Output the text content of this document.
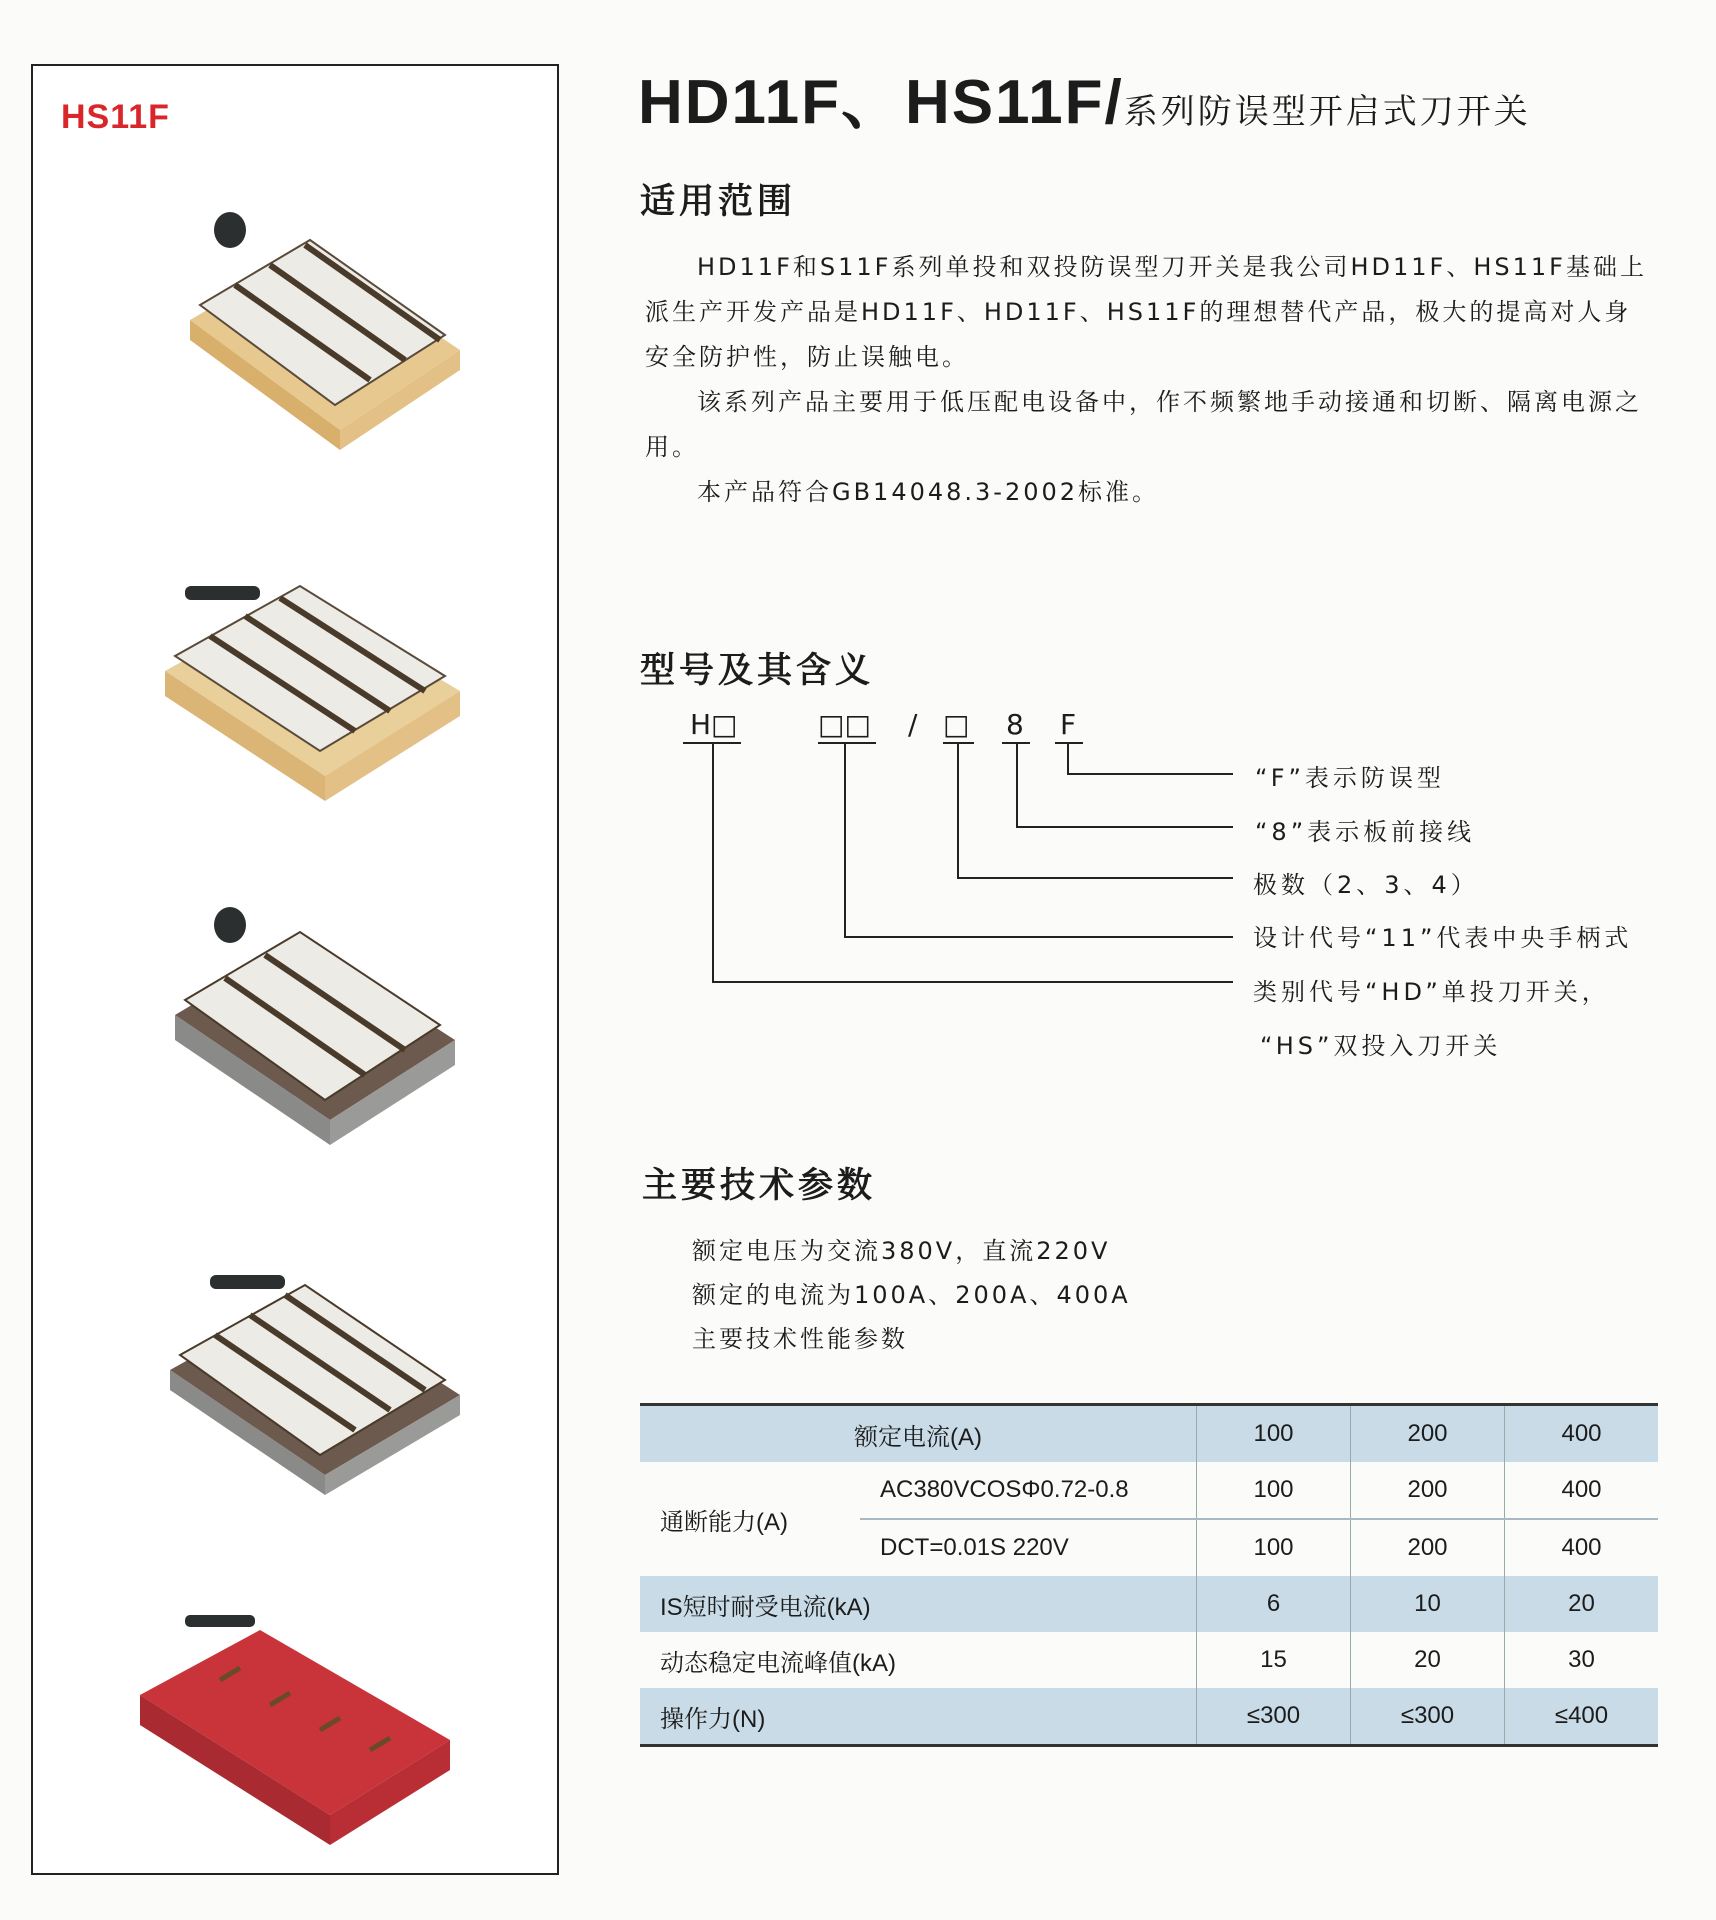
HS11F	HD11F、HS11F/系列防误型开启式刀开关
适用范围

HD11F和S11F系列单投和双投防误型刀开关是我公司HD11F、HS11F基础上派生产开发产品是HD11F、HD11F、HS11F的理想替代产品，极大的提高对人身安全防护性，防止误触电。

该系列产品主要用于低压配电设备中，作不频繁地手动接通和切断、隔离电源之用。

本产品符合GB14048.3-2002标准。

型号及其含义
H□	□□ / □ 8 F
“F”表示防误型
“8”表示板前接线
极数（2、3、4）
设计代号“11”代表中央手柄式
类别代号“HD”单投刀开关，
“HS”双投入刀开关
主要技术参数
额定电压为交流380V，直流220V
额定的电流为100A、200A、400A
主要技术性能参数
额定电流(A)		100	200	400
通断能力(A)	AC380VCOSΦ0.72-0.8	100	200	400
	DCT=0.01S 220V	100	200	400
IS短时耐受电流(kA)		6	10	20
动态稳定电流峰值(kA)		15	20	30
操作力(N)		≤300	≤300	≤400
